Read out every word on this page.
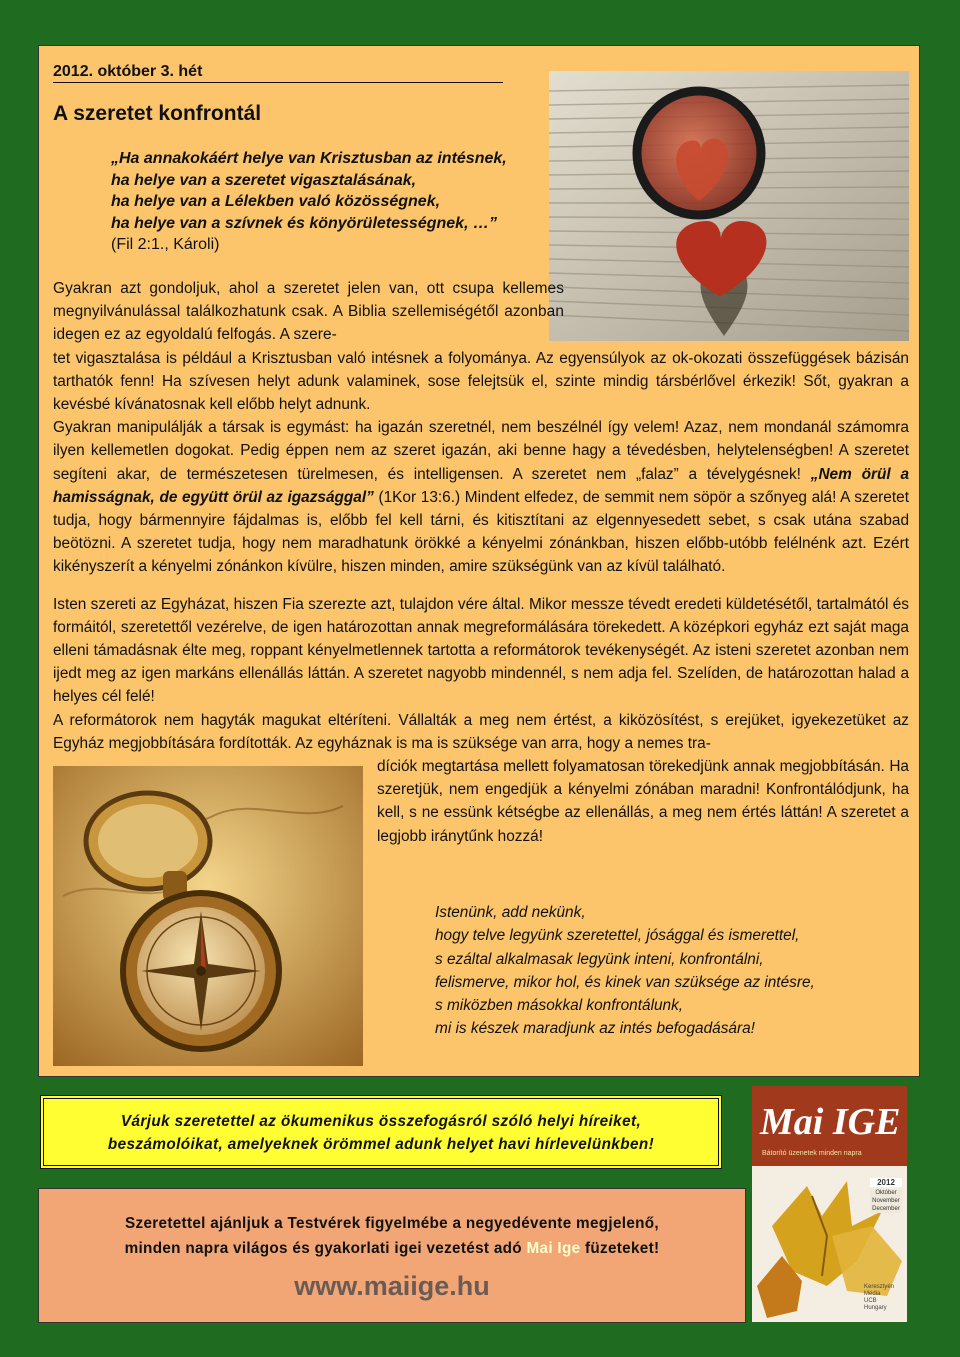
2012. október 3. hét
A szeretet konfrontál
„Ha annakokáért helye van Krisztusban az intésnek,
ha helye van a szeretet vigasztalásának,
ha helye van a Lélekben való közösségnek,
ha helye van a szívnek és könyörületességnek, …”
(Fil 2:1., Károli)

Gyakran azt gondoljuk, ahol a szeretet jelen van, ott csupa kellemes megnyilvánulással találkozhatunk csak. A Biblia szellemiségétől azonban idegen ez az egyoldalú felfogás. A szere-

tet vigasztalása is például a Krisztusban való intésnek a folyománya. Az egyensúlyok az ok-okozati összefüggések bázisán tarthatók fenn! Ha szívesen helyt adunk valaminek, sose felejtsük el, szinte mindig társbérlővel érkezik! Sőt, gyakran a kevésbé kívánatosnak kell előbb helyt adnunk.
Gyakran manipulálják a társak is egymást: ha igazán szeretnél, nem beszélnél így velem! Azaz, nem mondanál számomra ilyen kellemetlen dogokat. Pedig éppen nem az szeret igazán, aki benne hagy a tévedésben, helytelenségben! A szeretet segíteni akar, de természetesen türelmesen, és intelligensen. A szeretet nem „falaz” a tévelygésnek! „Nem örül a hamisságnak, de együtt örül az igazsággal” (1Kor 13:6.) Mindent elfedez, de semmit nem söpör a szőnyeg alá! A szeretet tudja, hogy bármennyire fájdalmas is, előbb fel kell tárni, és kitisztítani az elgennyesedett sebet, s csak utána szabad beötözni. A szeretet tudja, hogy nem maradhatunk örökké a kényelmi zónánkban, hiszen előbb-utóbb felélnénk azt. Ezért kikényszerít a kényelmi zónánkon kívülre, hiszen minden, amire szükségünk van az kívül található.

Isten szereti az Egyházat, hiszen Fia szerezte azt, tulajdon vére által. Mikor messze tévedt eredeti küldetésétől, tartalmától és formáitól, szeretettől vezérelve, de igen határozottan annak megreformálására törekedett. A középkori egyház ezt saját maga elleni támadásnak élte meg, roppant kényelmetlennek tartotta a reformátorok tevékenységét. Az isteni szeretet azonban nem ijedt meg az igen markáns ellenállás láttán. A szeretet nagyobb mindennél, s nem adja fel. Szelíden, de határozottan halad a helyes cél felé!

A reformátorok nem hagyták magukat eltéríteni. Vállalták a meg nem értést, a kiközösítést, s erejüket, igyekezetüket az Egyház megjobbítására fordították. Az egyháznak is ma is szüksége van arra, hogy a nemes tra-

díciók megtartása mellett folyamatosan törekedjünk annak megjobbításán. Ha szeretjük, nem engedjük a kényelmi zónában maradni! Konfrontálódjunk, ha kell, s ne essünk kétségbe az ellenállás, a meg nem értés láttán! A szeretet a legjobb iránytűnk hozzá!

Istenünk, add nekünk,
hogy telve legyünk szeretettel, jósággal és ismerettel,
s ezáltal alkalmasak legyünk inteni, konfrontálni,
felismerve, mikor hol, és kinek van szüksége az intésre,
s miközben másokkal konfrontálunk,
mi is készek maradjunk az intés befogadására!
Várjuk szeretettel az ökumenikus összefogásról szóló helyi híreiket,
beszámolóikat, amelyeknek örömmel adunk helyet havi hírlevelünkben!
Szeretettel ajánljuk a Testvérek figyelmébe a negyedévente megjelenő,
minden napra világos és gyakorlati igei vezetést adó Mai Ige füzeteket!
www.maiige.hu
Mai IGE
Bátorító üzenetek minden napra
2012
Október
November
December
Keresztyén
Média
UCB
Hungary
